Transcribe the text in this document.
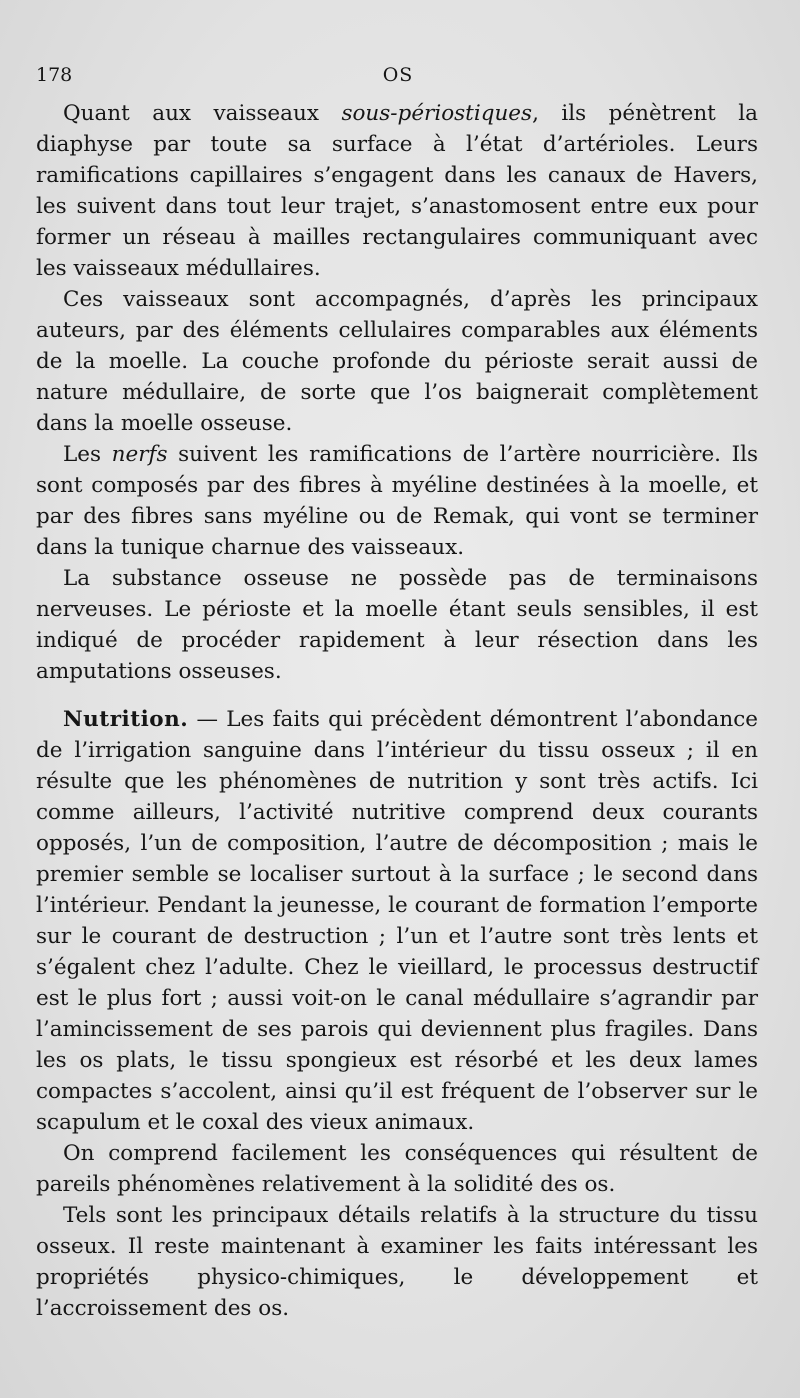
178	OS

Quant aux vaisseaux sous-périostiques, ils pénètrent la diaphyse par toute sa surface à l’état d’artérioles. Leurs ramifications capillaires s’engagent dans les canaux de Havers, les suivent dans tout leur trajet, s’anastomosent entre eux pour former un réseau à mailles rectangulaires communiquant avec les vaisseaux médullaires.

Ces vaisseaux sont accompagnés, d’après les principaux auteurs, par des éléments cellulaires comparables aux éléments de la moelle. La couche profonde du périoste serait aussi de nature médullaire, de sorte que l’os baignerait complètement dans la moelle osseuse.

Les nerfs suivent les ramifications de l’artère nourricière. Ils sont composés par des fibres à myéline destinées à la moelle, et par des fibres sans myéline ou de Remak, qui vont se terminer dans la tunique charnue des vaisseaux.

La substance osseuse ne possède pas de terminaisons nerveuses. Le périoste et la moelle étant seuls sensibles, il est indiqué de procéder rapidement à leur résection dans les amputations osseuses.

Nutrition. — Les faits qui précèdent démontrent l’abondance de l’irrigation sanguine dans l’intérieur du tissu osseux ; il en résulte que les phénomènes de nutrition y sont très actifs. Ici comme ailleurs, l’activité nutritive comprend deux courants opposés, l’un de composition, l’autre de décomposition ; mais le premier semble se localiser surtout à la surface ; le second dans l’intérieur. Pendant la jeunesse, le courant de formation l’emporte sur le courant de destruction ; l’un et l’autre sont très lents et s’égalent chez l’adulte. Chez le vieillard, le processus destructif est le plus fort ; aussi voit-on le canal médullaire s’agrandir par l’amincissement de ses parois qui deviennent plus fragiles. Dans les os plats, le tissu spongieux est résorbé et les deux lames compactes s’accolent, ainsi qu’il est fréquent de l’observer sur le scapulum et le coxal des vieux animaux.

On comprend facilement les conséquences qui résultent de pareils phénomènes relativement à la solidité des os.

Tels sont les principaux détails relatifs à la structure du tissu osseux. Il reste maintenant à examiner les faits intéressant les propriétés physico-chimiques, le développement et l’accroissement des os.
